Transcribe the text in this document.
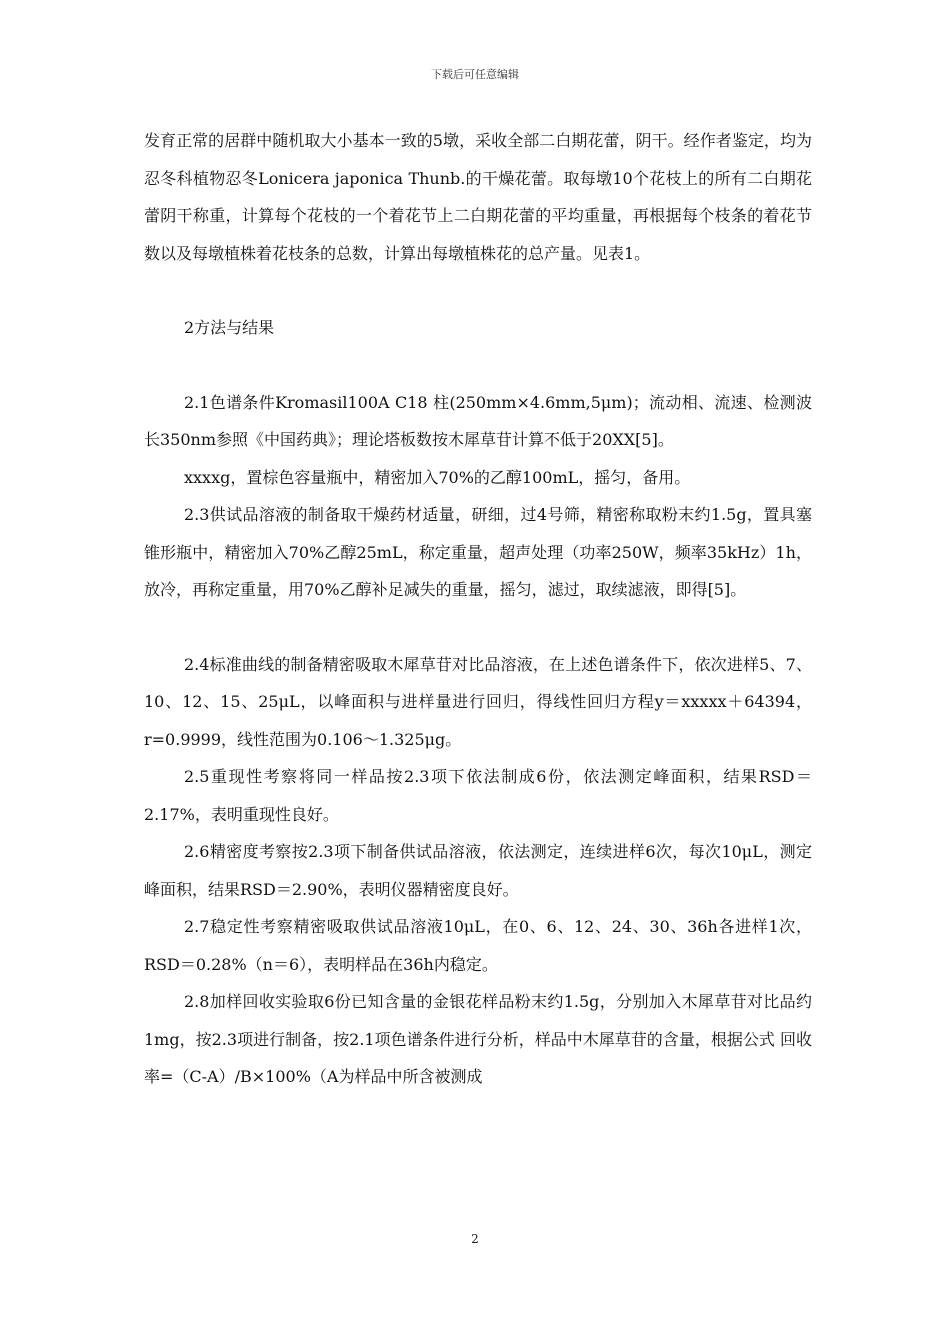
下载后可任意编辑

发育正常的居群中随机取大小基本一致的5墩，采收全部二白期花蕾，阴干。经作者鉴定，均为忍冬科植物忍冬Lonicera japonica Thunb.的干燥花蕾。取每墩10个花枝上的所有二白期花蕾阴干称重，计算每个花枝的一个着花节上二白期花蕾的平均重量，再根据每个枝条的着花节数以及每墩植株着花枝条的总数，计算出每墩植株花的总产量。见表1。

2方法与结果

2.1色谱条件Kromasil100A C18 柱(250mm×4.6mm,5μm)；流动相、流速、检测波长350nm参照《中国药典》；理论塔板数按木犀草苷计算不低于20XX[5]。

xxxxg，置棕色容量瓶中，精密加入70%的乙醇100mL，摇匀，备用。

2.3供试品溶液的制备取干燥药材适量，研细，过4号筛，精密称取粉末约1.5g，置具塞锥形瓶中，精密加入70%乙醇25mL，称定重量，超声处理（功率250W，频率35kHz）1h，放冷，再称定重量，用70%乙醇补足减失的重量，摇匀，滤过，取续滤液，即得[5]。

2.4标准曲线的制备精密吸取木犀草苷对比品溶液，在上述色谱条件下，依次进样5、7、10、12、15、25μL，以峰面积与进样量进行回归，得线性回归方程y＝xxxxx＋64394，r=0.9999，线性范围为0.106～1.325μg。

2.5重现性考察将同一样品按2.3项下依法制成6份，依法测定峰面积，结果RSD＝2.17%，表明重现性良好。

2.6精密度考察按2.3项下制备供试品溶液，依法测定，连续进样6次，每次10μL，测定峰面积，结果RSD＝2.90%，表明仪器精密度良好。

2.7稳定性考察精密吸取供试品溶液10μL，在0、6、12、24、30、36h各进样1次，RSD＝0.28%（n＝6），表明样品在36h内稳定。

2.8加样回收实验取6份已知含量的金银花样品粉末约1.5g，分别加入木犀草苷对比品约1mg，按2.3项进行制备，按2.1项色谱条件进行分析，样品中木犀草苷的含量，根据公式 回收率=（C-A）/B×100%（A为样品中所含被测成

2
